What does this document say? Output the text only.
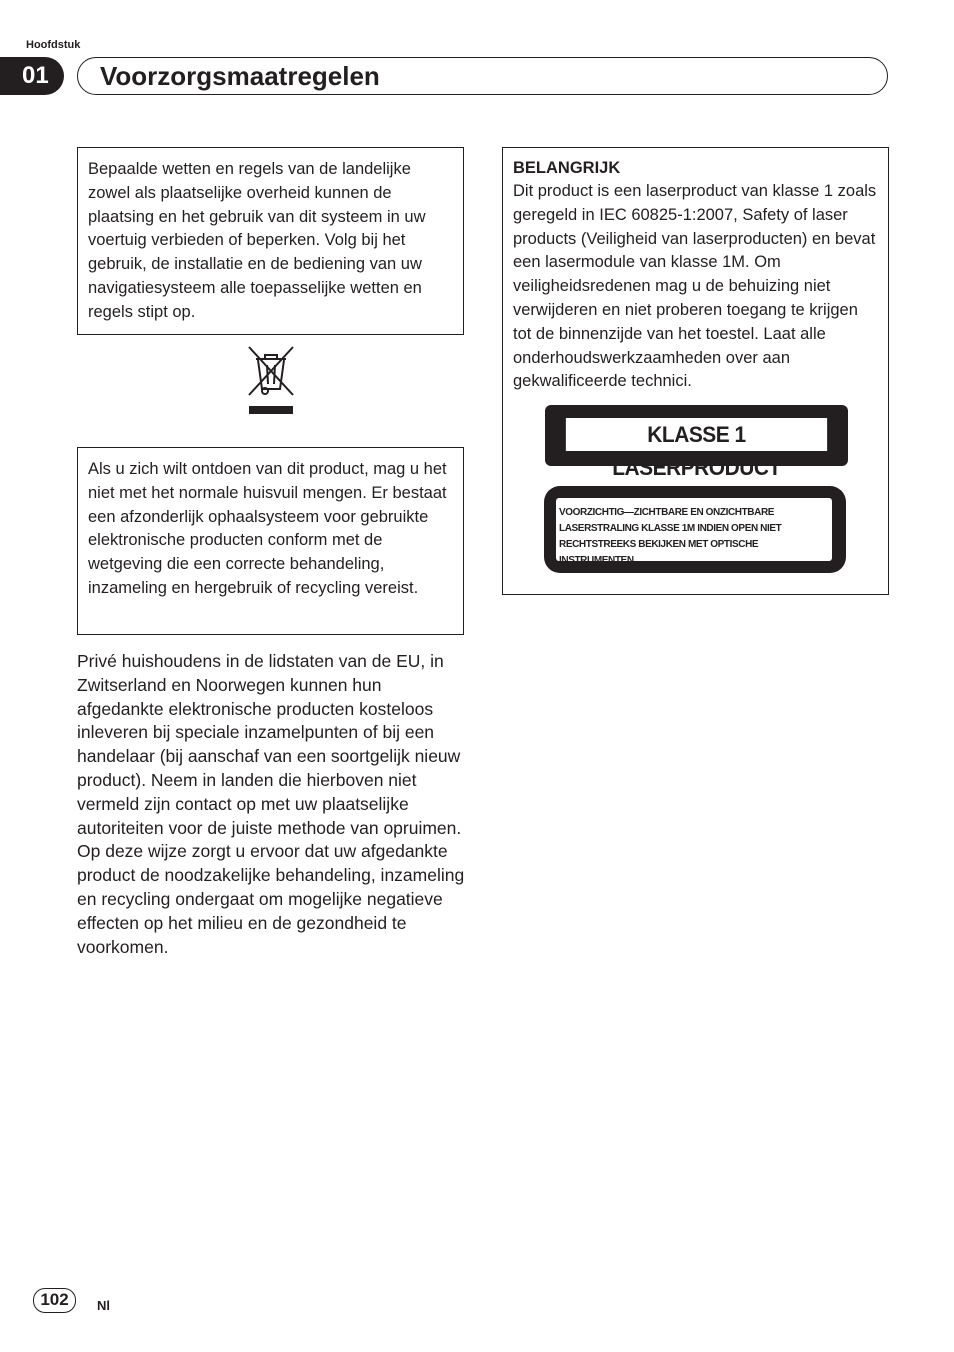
Hoofdstuk
01	Voorzorgsmaatregelen

Bepaalde wetten en regels van de landelijke zowel als plaatselijke overheid kunnen de plaatsing en het gebruik van dit systeem in uw voertuig verbieden of beperken. Volg bij het gebruik, de installatie en de bediening van uw navigatiesysteem alle toepasselijke wetten en regels stipt op.

Als u zich wilt ontdoen van dit product, mag u het niet met het normale huisvuil mengen. Er bestaat een afzonderlijk ophaalsysteem voor gebruikte elektronische producten conform met de wetgeving die een correcte behandeling, inzameling en hergebruik of recycling vereist.

Privé huishoudens in de lidstaten van de EU, in Zwitserland en Noorwegen kunnen hun afgedankte elektronische producten kosteloos inleveren bij speciale inzamelpunten of bij een handelaar (bij aanschaf van een soortgelijk nieuw product). Neem in landen die hierboven niet vermeld zijn contact op met uw plaatselijke autoriteiten voor de juiste methode van opruimen. Op deze wijze zorgt u ervoor dat uw afgedankte product de noodzakelijke behandeling, inzameling en recycling ondergaat om mogelijke negatieve effecten op het milieu en de gezondheid te voorkomen.
BELANGRIJK

Dit product is een laserproduct van klasse 1 zoals geregeld in IEC 60825-1:2007, Safety of laser products (Veiligheid van laserproducten) en bevat een lasermodule van klasse 1M. Om veiligheidsredenen mag u de behuizing niet verwijderen en niet proberen toegang te krijgen tot de binnenzijde van het toestel. Laat alle onderhoudswerkzaamheden over aan gekwalificeerde technici.

KLASSE 1 LASERPRODUCT
VOORZICHTIG—ZICHTBARE EN ONZICHTBARE
LASERSTRALING KLASSE 1M INDIEN OPEN NIET
RECHTSTREEKS BEKIJKEN MET OPTISCHE INSTRUMENTEN.
102	Nl
